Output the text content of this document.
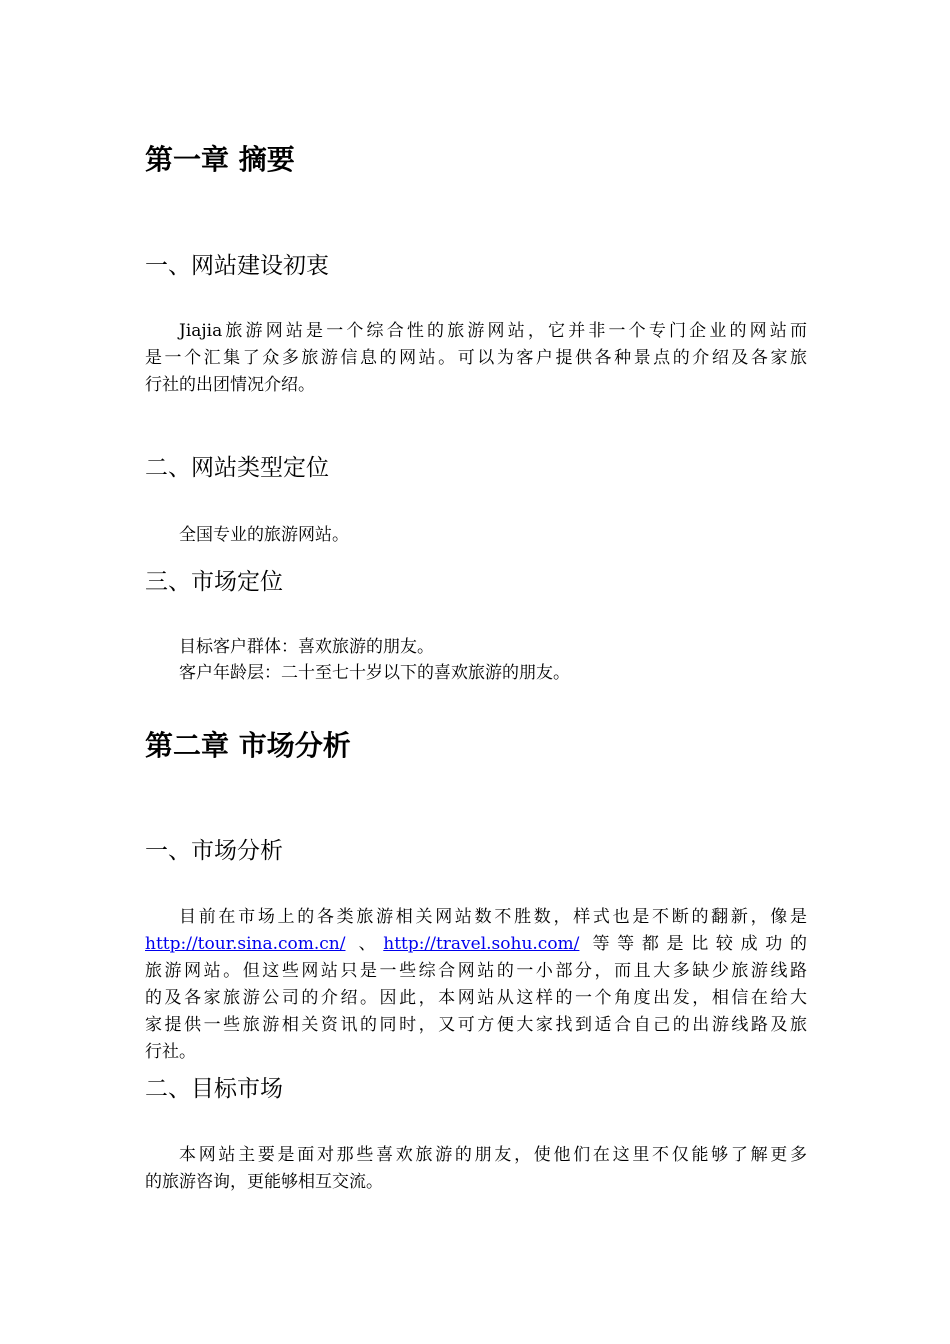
第一章 摘要
一、网站建设初衷
Jiajia旅游网站是一个综合性的旅游网站，它并非一个专门企业的网站而
是一个汇集了众多旅游信息的网站。可以为客户提供各种景点的介绍及各家旅
行社的出团情况介绍。
二、网站类型定位
全国专业的旅游网站。
三、市场定位
目标客户群体：喜欢旅游的朋友。
客户年龄层：二十至七十岁以下的喜欢旅游的朋友。
第二章 市场分析
一、市场分析
目前在市场上的各类旅游相关网站数不胜数，样式也是不断的翻新，像是
http://tour.sina.com.cn/ 、http://travel.sohu.com/ 等等都是比较成功的
旅游网站。但这些网站只是一些综合网站的一小部分，而且大多缺少旅游线路
的及各家旅游公司的介绍。因此，本网站从这样的一个角度出发，相信在给大
家提供一些旅游相关资讯的同时，又可方便大家找到适合自己的出游线路及旅
行社。
二、目标市场
本网站主要是面对那些喜欢旅游的朋友，使他们在这里不仅能够了解更多
的旅游咨询，更能够相互交流。
